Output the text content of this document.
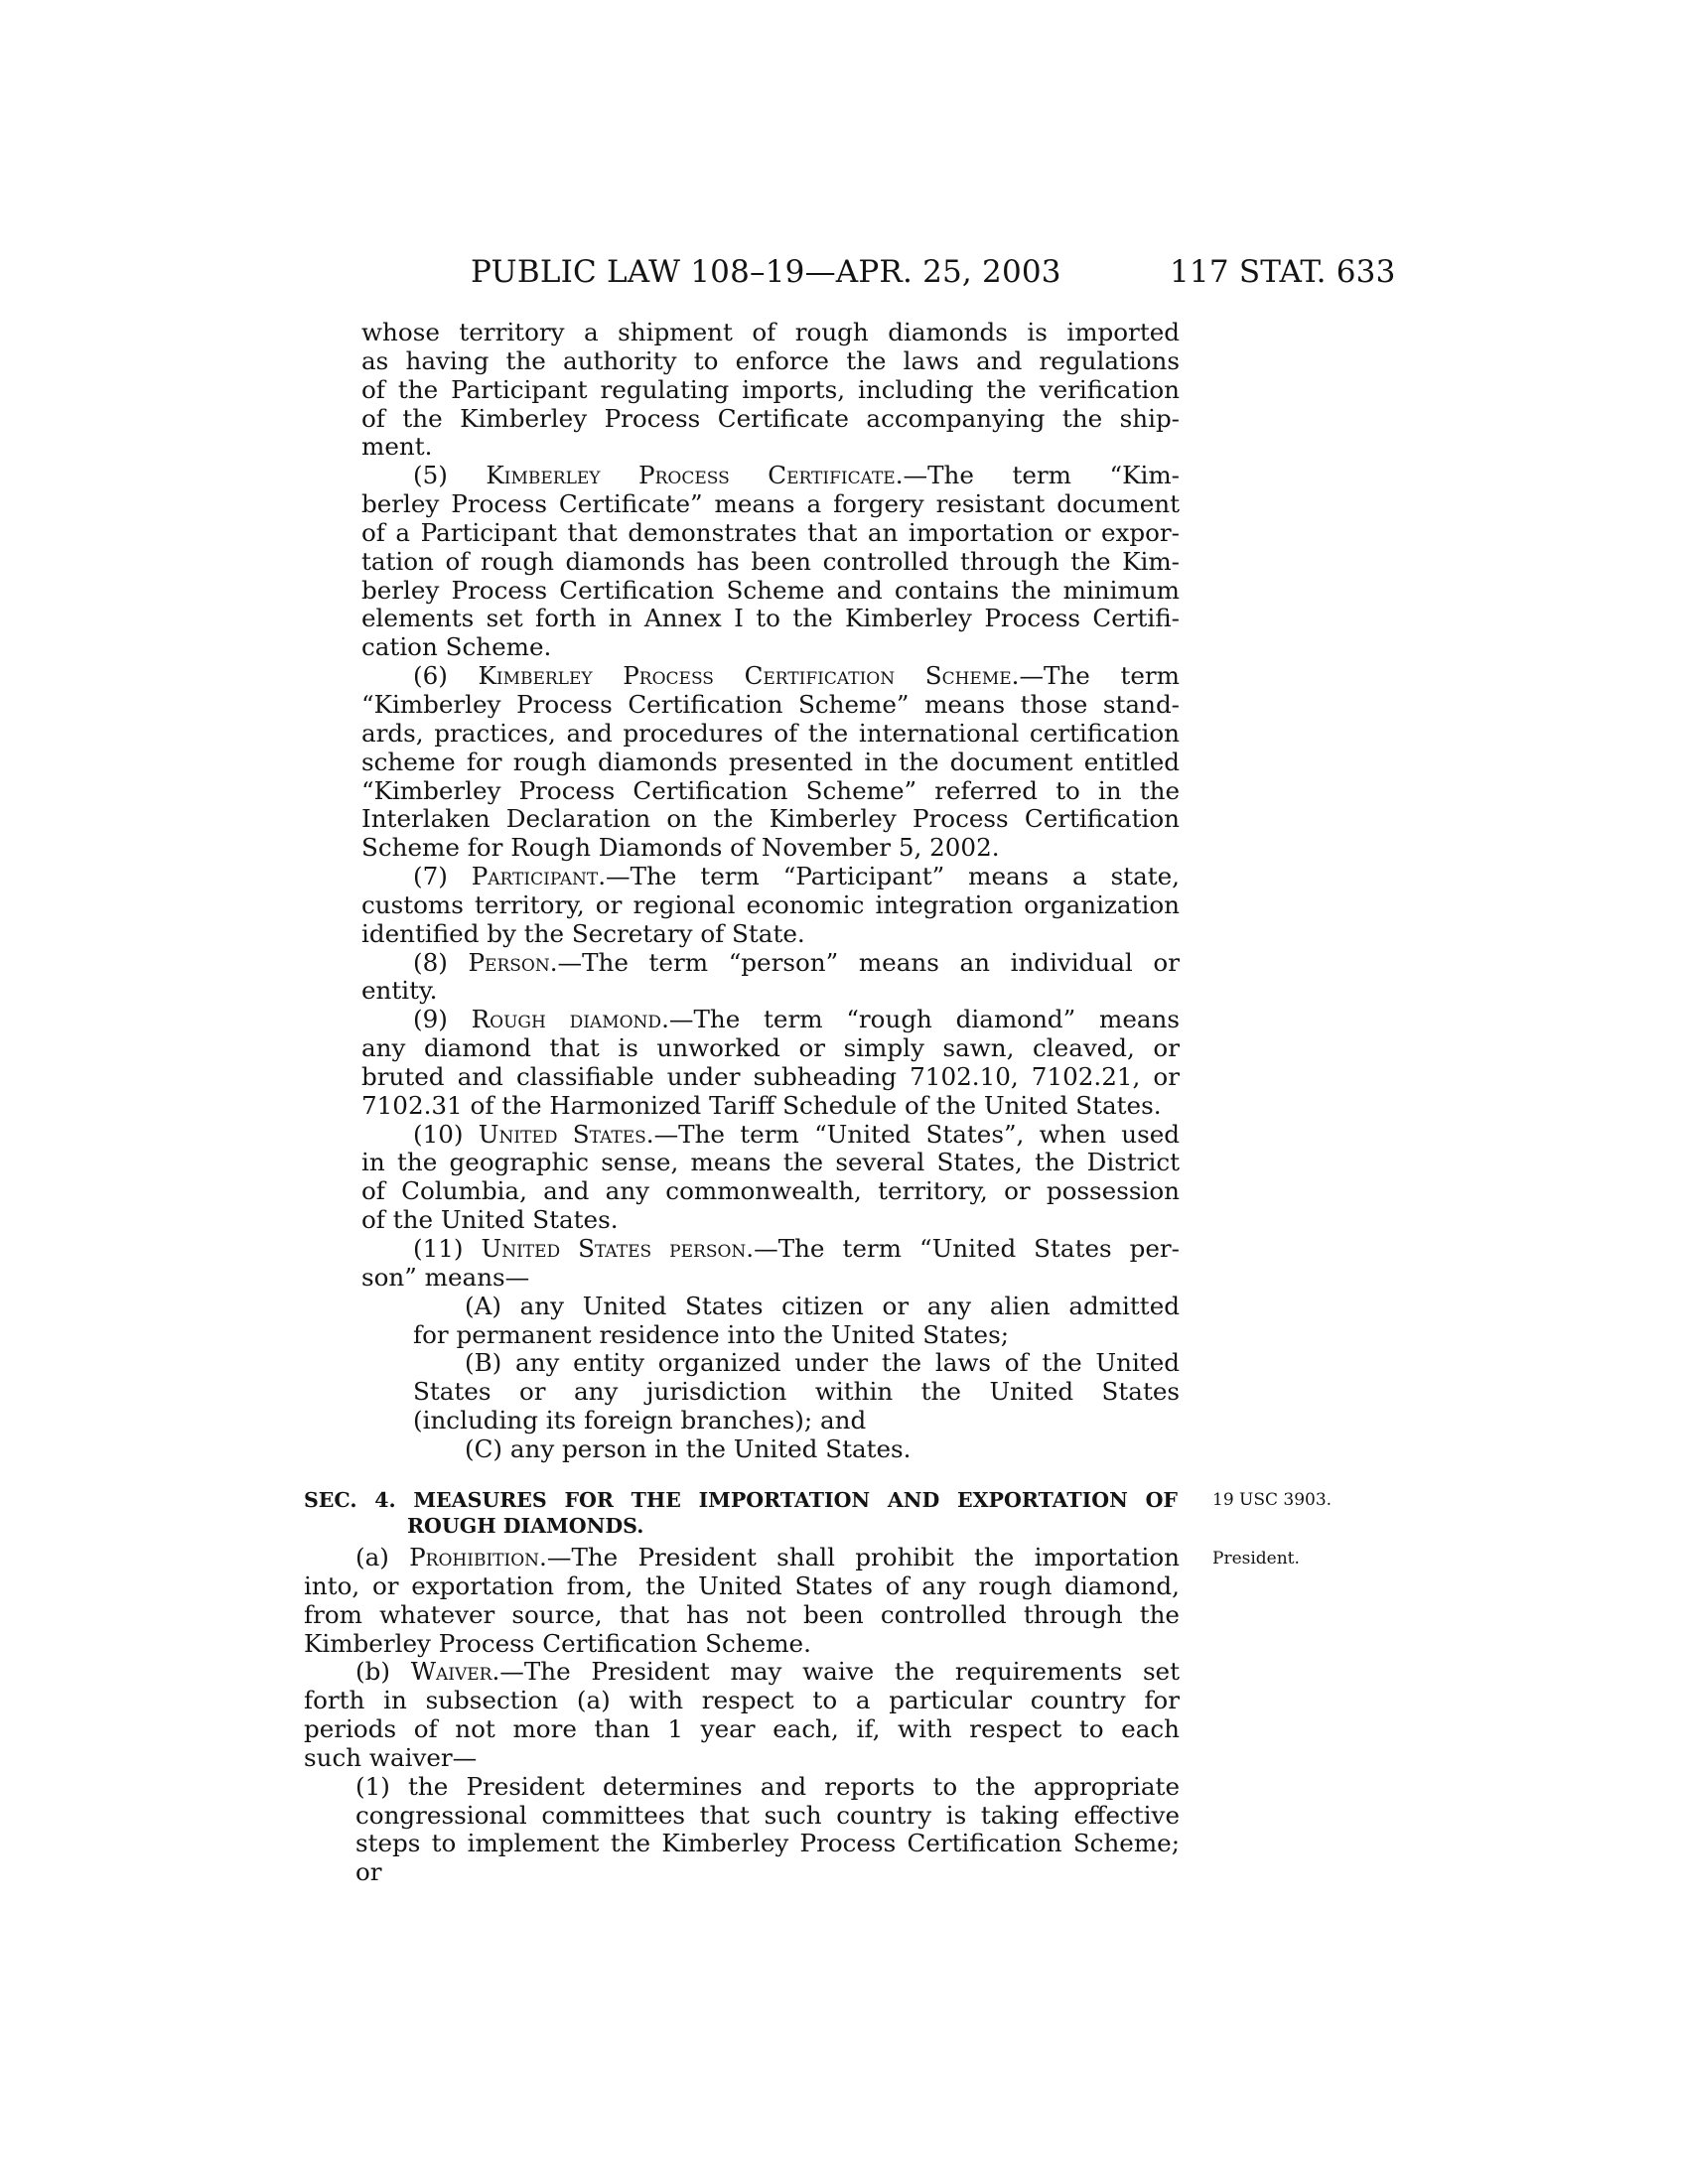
PUBLIC LAW 108–19—APR. 25, 2003	117 STAT. 633
whose territory a shipment of rough diamonds is imported
as having the authority to enforce the laws and regulations
of the Participant regulating imports, including the verification
of the Kimberley Process Certificate accompanying the ship-
ment.
(5) Kimberley Process Certificate.—The term “Kim-
berley Process Certificate” means a forgery resistant document
of a Participant that demonstrates that an importation or expor-
tation of rough diamonds has been controlled through the Kim-
berley Process Certification Scheme and contains the minimum
elements set forth in Annex I to the Kimberley Process Certifi-
cation Scheme.
(6) Kimberley Process Certification Scheme.—The term
“Kimberley Process Certification Scheme” means those stand-
ards, practices, and procedures of the international certification
scheme for rough diamonds presented in the document entitled
“Kimberley Process Certification Scheme” referred to in the
Interlaken Declaration on the Kimberley Process Certification
Scheme for Rough Diamonds of November 5, 2002.
(7) Participant.—The term “Participant” means a state,
customs territory, or regional economic integration organization
identified by the Secretary of State.
(8) Person.—The term “person” means an individual or
entity.
(9) Rough diamond.—The term “rough diamond” means
any diamond that is unworked or simply sawn, cleaved, or
bruted and classifiable under subheading 7102.10, 7102.21, or
7102.31 of the Harmonized Tariff Schedule of the United States.
(10) United States.—The term “United States”, when used
in the geographic sense, means the several States, the District
of Columbia, and any commonwealth, territory, or possession
of the United States.
(11) United States person.—The term “United States per-
son” means—
(A) any United States citizen or any alien admitted
for permanent residence into the United States;
(B) any entity organized under the laws of the United
States or any jurisdiction within the United States
(including its foreign branches); and
(C) any person in the United States.
SEC. 4. MEASURES FOR THE IMPORTATION AND EXPORTATION OF
ROUGH DIAMONDS.
19 USC 3903.
(a) Prohibition.—The President shall prohibit the importation
into, or exportation from, the United States of any rough diamond,
from whatever source, that has not been controlled through the
Kimberley Process Certification Scheme.
(b) Waiver.—The President may waive the requirements set
forth in subsection (a) with respect to a particular country for
periods of not more than 1 year each, if, with respect to each
such waiver—
(1) the President determines and reports to the appropriate
congressional committees that such country is taking effective
steps to implement the Kimberley Process Certification Scheme;
or
President.
